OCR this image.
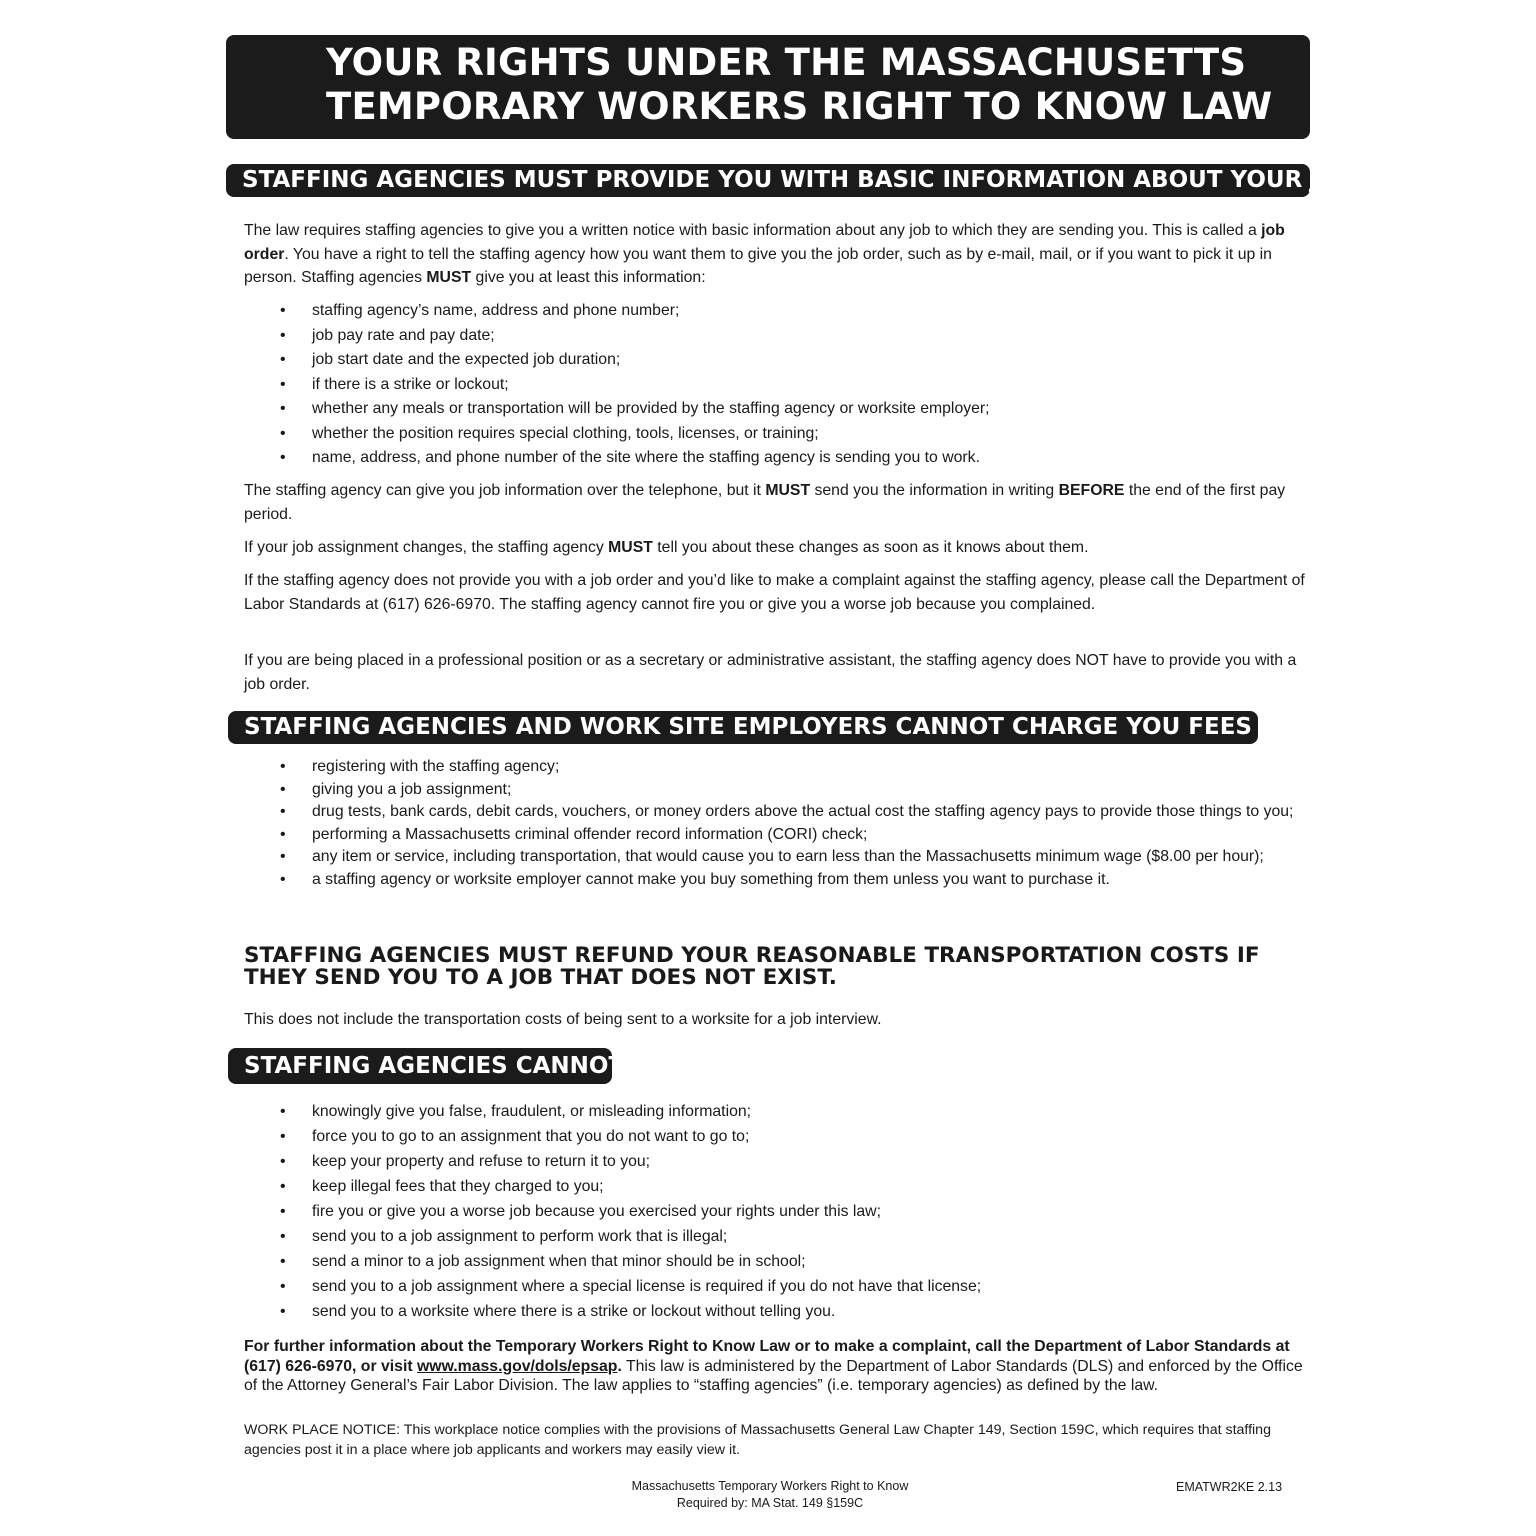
YOUR RIGHTS UNDER THE MASSACHUSETTS
TEMPORARY WORKERS RIGHT TO KNOW LAW
STAFFING AGENCIES MUST PROVIDE YOU WITH BASIC INFORMATION ABOUT YOUR JOB.

The law requires staffing agencies to give you a written notice with basic information about any job to which they are sending you. This is called a job order. You have a right to tell the staffing agency how you want them to give you the job order, such as by e-mail, mail, or if you want to pick it up in person. Staffing agencies MUST give you at least this information:

• staffing agency’s name, address and phone number;
• job pay rate and pay date;
• job start date and the expected job duration;
• if there is a strike or lockout;
• whether any meals or transportation will be provided by the staffing agency or worksite employer;
• whether the position requires special clothing, tools, licenses, or training;
• name, address, and phone number of the site where the staffing agency is sending you to work.

The staffing agency can give you job information over the telephone, but it MUST send you the information in writing BEFORE the end of the first pay period.

If your job assignment changes, the staffing agency MUST tell you about these changes as soon as it knows about them.

If the staffing agency does not provide you with a job order and you’d like to make a complaint against the staffing agency, please call the Department of Labor Standards at (617) 626-6970. The staffing agency cannot fire you or give you a worse job because you complained.

If you are being placed in a professional position or as a secretary or administrative assistant, the staffing agency does NOT have to provide you with a job order.

STAFFING AGENCIES AND WORK SITE EMPLOYERS CANNOT CHARGE YOU FEES FOR:
• registering with the staffing agency;
• giving you a job assignment;
• drug tests, bank cards, debit cards, vouchers, or money orders above the actual cost the staffing agency pays to provide those things to you;
• performing a Massachusetts criminal offender record information (CORI) check;
• any item or service, including transportation, that would cause you to earn less than the Massachusetts minimum wage ($8.00 per hour);
• a staffing agency or worksite employer cannot make you buy something from them unless you want to purchase it.

STAFFING AGENCIES MUST REFUND YOUR REASONABLE TRANSPORTATION COSTS IF THEY SEND YOU TO A JOB THAT DOES NOT EXIST.

This does not include the transportation costs of being sent to a worksite for a job interview.

STAFFING AGENCIES CANNOT:
• knowingly give you false, fraudulent, or misleading information;
• force you to go to an assignment that you do not want to go to;
• keep your property and refuse to return it to you;
• keep illegal fees that they charged to you;
• fire you or give you a worse job because you exercised your rights under this law;
• send you to a job assignment to perform work that is illegal;
• send a minor to a job assignment when that minor should be in school;
• send you to a job assignment where a special license is required if you do not have that license;
• send you to a worksite where there is a strike or lockout without telling you.

For further information about the Temporary Workers Right to Know Law or to make a complaint, call the Department of Labor Standards at (617) 626-6970, or visit www.mass.gov/dols/epsap. This law is administered by the Department of Labor Standards (DLS) and enforced by the Office of the Attorney General’s Fair Labor Division. The law applies to “staffing agencies” (i.e. temporary agencies) as defined by the law.

WORK PLACE NOTICE: This workplace notice complies with the provisions of Massachusetts General Law Chapter 149, Section 159C, which requires that staffing agencies post it in a place where job applicants and workers may easily view it.

Massachusetts Temporary Workers Right to Know
Required by: MA Stat. 149 §159C
EMATWR2KE 2.13
